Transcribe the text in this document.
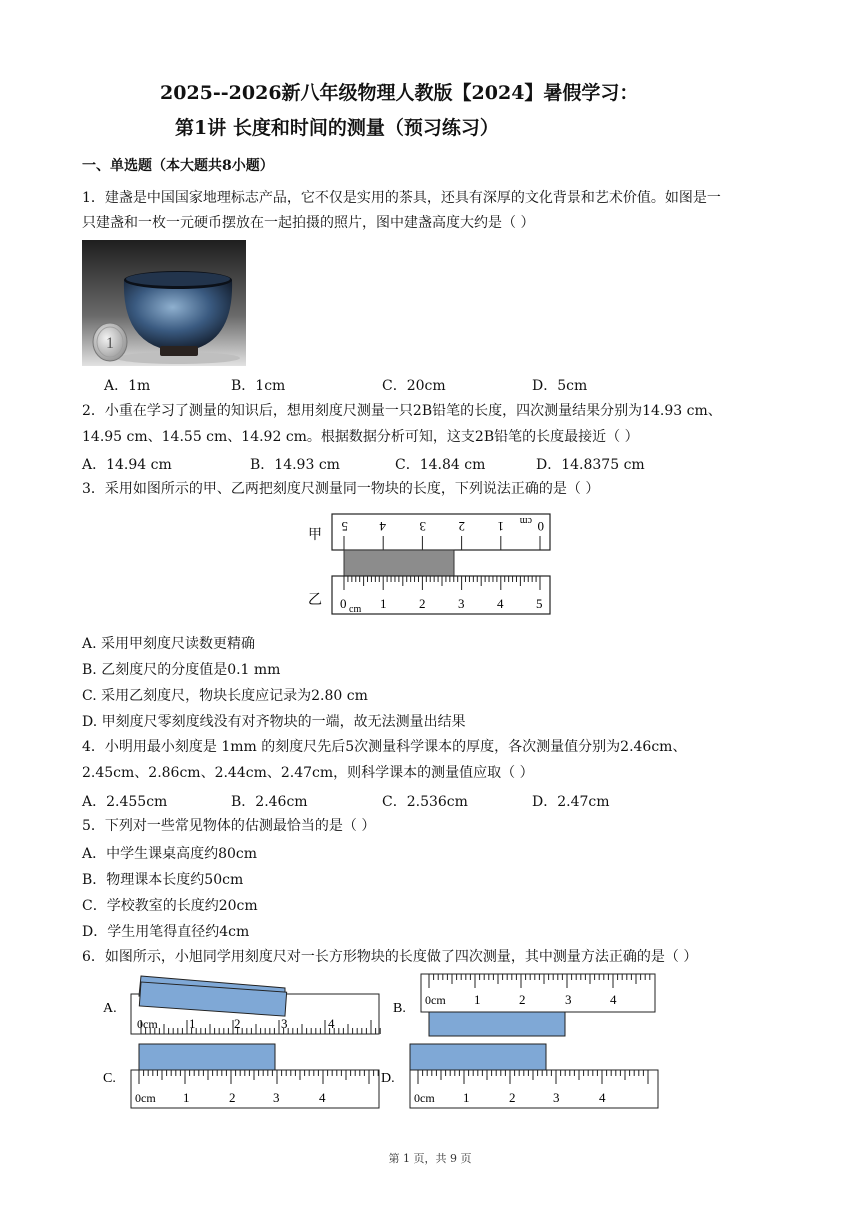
2025--2026新八年级物理人教版【2024】暑假学习：
第1讲 长度和时间的测量（预习练习）
一、单选题（本大题共8小题）
1．建盏是中国国家地理标志产品，它不仅是实用的茶具，还具有深厚的文化背景和艺术价值。如图是一
只建盏和一枚一元硬币摆放在一起拍摄的照片，图中建盏高度大约是（ ）
1
A．1m	B．1cm	C．20cm	D．5cm
2．小重在学习了测量的知识后，想用刻度尺测量一只2B铅笔的长度，四次测量结果分别为14.93 cm、
14.95 cm、14.55 cm、14.92 cm。根据数据分析可知，这支2B铅笔的长度最接近（ ）
A．14.94 cm	B．14.93 cm	C．14.84 cm	D．14.8375 cm
3．采用如图所示的甲、乙两把刻度尺测量同一物块的长度，下列说法正确的是（ ）
甲
0
1
2
3
4
5	cm
乙 0 cm 1	2	3	4	5
A. 采用甲刻度尺读数更精确
B. 乙刻度尺的分度值是0.1 mm
C. 采用乙刻度尺，物块长度应记录为2.80 cm
D. 甲刻度尺零刻度线没有对齐物块的一端，故无法测量出结果
4．小明用最小刻度是 1mm 的刻度尺先后5次测量科学课本的厚度，各次测量值分别为2.46cm、
2.45cm、2.86cm、2.44cm、2.47cm，则科学课本的测量值应取（ ）
A．2.455cm	B．2.46cm	C．2.536cm	D．2.47cm
5．下列对一些常见物体的估测最恰当的是（ ）
A．中学生课桌高度约80cm
B．物理课本长度约50cm
C．学校教室的长度约20cm
D．学生用笔得直径约4cm
6．如图所示，小旭同学用刻度尺对一长方形物块的长度做了四次测量，其中测量方法正确的是（ ）
A.	B.
C.	D.
0cm 1	2	3	4
0cm 1	2	3	4
0cm 1	2	3	4	0cm 1	2	3	4
第 1 页，共 9 页
